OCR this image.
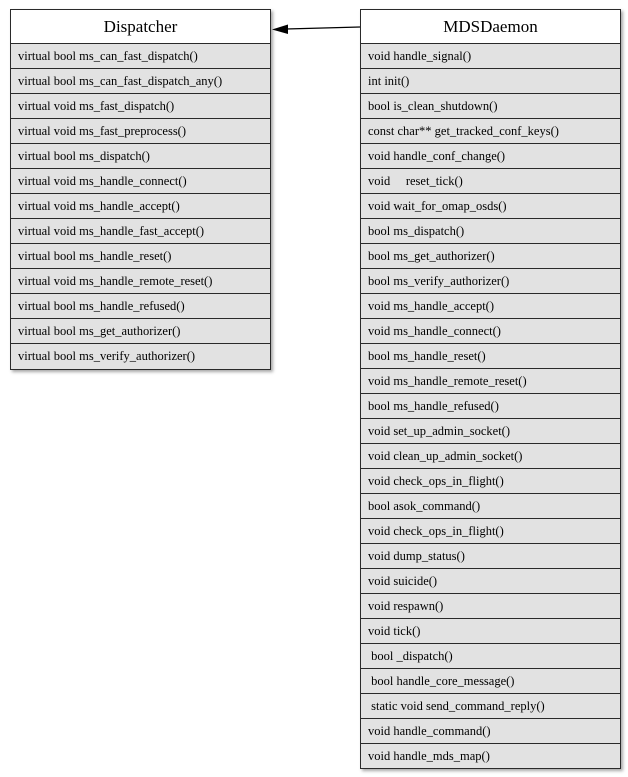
Dispatcher
virtual bool ms_can_fast_dispatch()
virtual bool ms_can_fast_dispatch_any()
virtual void ms_fast_dispatch()
virtual void ms_fast_preprocess()
virtual bool ms_dispatch()
virtual void ms_handle_connect()
virtual void ms_handle_accept()
virtual void ms_handle_fast_accept()
virtual bool ms_handle_reset()
virtual void ms_handle_remote_reset()
virtual bool ms_handle_refused()
virtual bool ms_get_authorizer()
virtual bool ms_verify_authorizer()
MDSDaemon
void handle_signal()
int init()
bool is_clean_shutdown()
const char** get_tracked_conf_keys()
void handle_conf_change()
void     reset_tick()
void wait_for_omap_osds()
bool ms_dispatch()
bool ms_get_authorizer()
bool ms_verify_authorizer()
void ms_handle_accept()
void ms_handle_connect()
bool ms_handle_reset()
void ms_handle_remote_reset()
bool ms_handle_refused()
void set_up_admin_socket()
void clean_up_admin_socket()
void check_ops_in_flight()
bool asok_command()
void check_ops_in_flight()
void dump_status()
void suicide()
void respawn()
void tick()
bool _dispatch()
bool handle_core_message()
static void send_command_reply()
void handle_command()
void handle_mds_map()
